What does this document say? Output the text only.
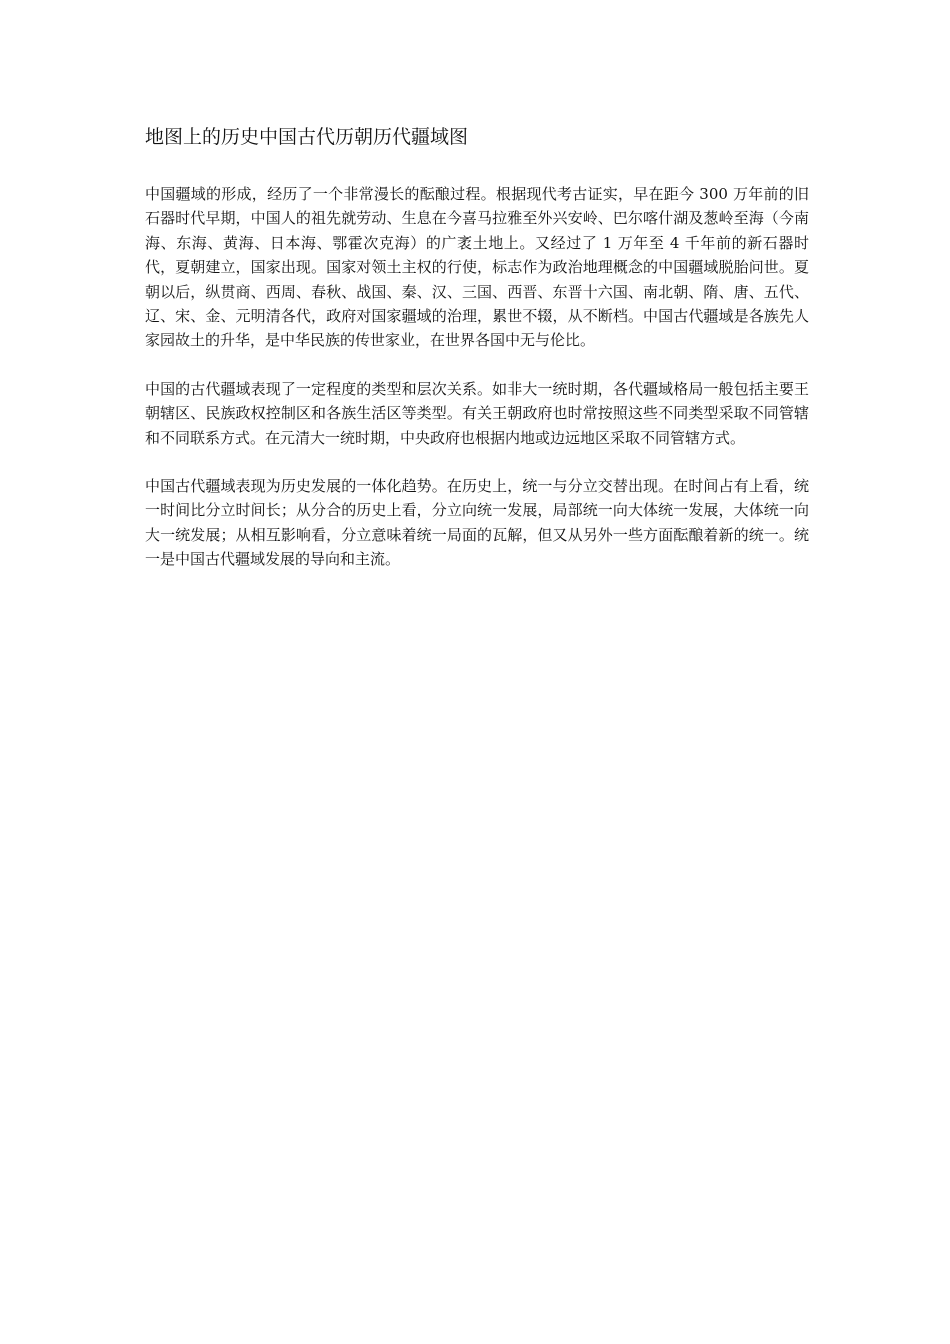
地图上的历史中国古代历朝历代疆域图

中国疆域的形成，经历了一个非常漫长的酝酿过程。根据现代考古证实，早在距今 300 万年前的旧石器时代早期，中国人的祖先就劳动、生息在今喜马拉雅至外兴安岭、巴尔喀什湖及葱岭至海（今南海、东海、黄海、日本海、鄂霍次克海）的广袤土地上。又经过了 1 万年至 4 千年前的新石器时代，夏朝建立，国家出现。国家对领土主权的行使，标志作为政治地理概念的中国疆域脱胎问世。夏朝以后，纵贯商、西周、春秋、战国、秦、汉、三国、西晋、东晋十六国、南北朝、隋、唐、五代、辽、宋、金、元明清各代，政府对国家疆域的治理，累世不辍，从不断档。中国古代疆域是各族先人家园故土的升华，是中华民族的传世家业，在世界各国中无与伦比。

中国的古代疆域表现了一定程度的类型和层次关系。如非大一统时期，各代疆域格局一般包括主要王朝辖区、民族政权控制区和各族生活区等类型。有关王朝政府也时常按照这些不同类型采取不同管辖和不同联系方式。在元清大一统时期，中央政府也根据内地或边远地区采取不同管辖方式。

中国古代疆域表现为历史发展的一体化趋势。在历史上，统一与分立交替出现。在时间占有上看，统一时间比分立时间长；从分合的历史上看，分立向统一发展，局部统一向大体统一发展，大体统一向大一统发展；从相互影响看，分立意味着统一局面的瓦解，但又从另外一些方面酝酿着新的统一。统一是中国古代疆域发展的导向和主流。
